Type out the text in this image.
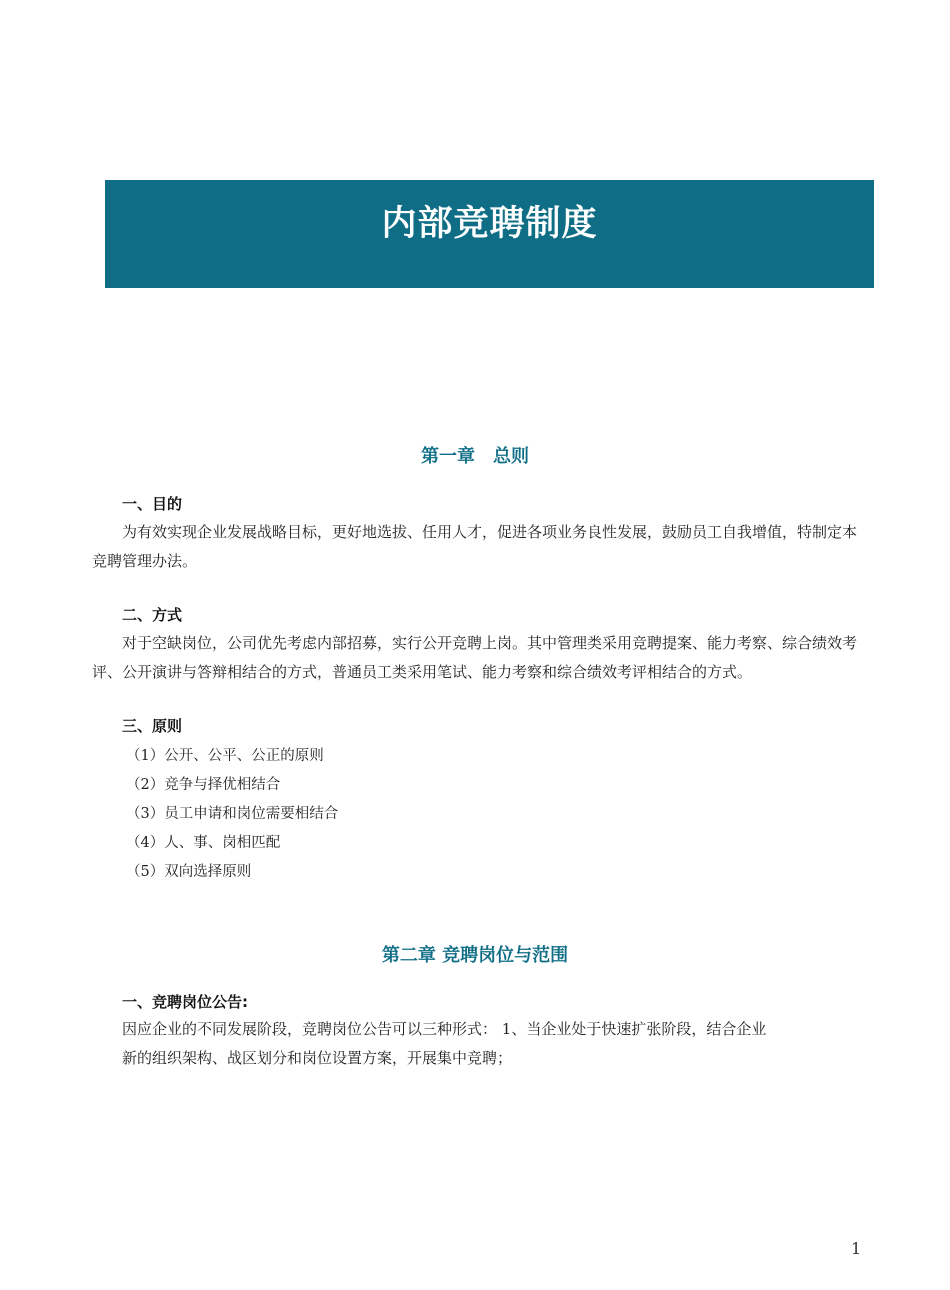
内部竞聘制度
第一章　总则
一、目的
为有效实现企业发展战略目标，更好地选拔、任用人才，促进各项业务良性发展，鼓励员工自我增值，特制定本竞聘管理办法。
二、方式
对于空缺岗位，公司优先考虑内部招募，实行公开竞聘上岗。其中管理类采用竞聘提案、能力考察、综合绩效考评、公开演讲与答辩相结合的方式，普通员工类采用笔试、能力考察和综合绩效考评相结合的方式。
三、原则
（1）公开、公平、公正的原则
（2）竞争与择优相结合
（3）员工申请和岗位需要相结合
（4）人、事、岗相匹配
（5）双向选择原则
第二章 竞聘岗位与范围
一、竞聘岗位公告:
因应企业的不同发展阶段，竞聘岗位公告可以三种形式： 1、当企业处于快速扩张阶段，结合企业
新的组织架构、战区划分和岗位设置方案，开展集中竞聘；
1
